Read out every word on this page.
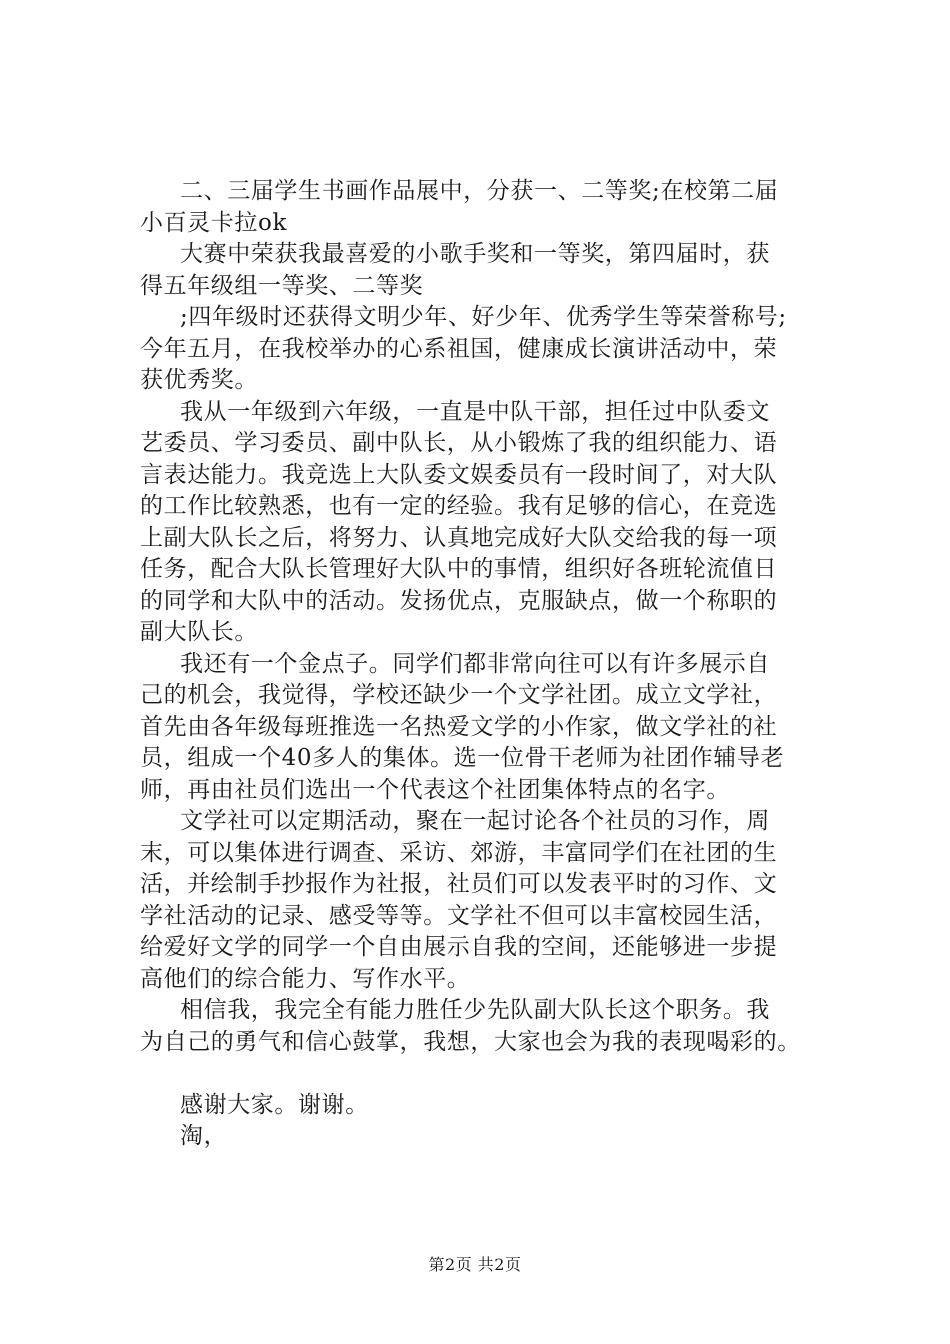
二、三届学生书画作品展中，分获一、二等奖;在校第二届
小百灵卡拉ok
大赛中荣获我最喜爱的小歌手奖和一等奖，第四届时，获
得五年级组一等奖、二等奖
;四年级时还获得文明少年、好少年、优秀学生等荣誉称号;
今年五月，在我校举办的心系祖国，健康成长演讲活动中，荣
获优秀奖。
我从一年级到六年级，一直是中队干部，担任过中队委文
艺委员、学习委员、副中队长，从小锻炼了我的组织能力、语
言表达能力。我竞选上大队委文娱委员有一段时间了，对大队
的工作比较熟悉，也有一定的经验。我有足够的信心，在竞选
上副大队长之后，将努力、认真地完成好大队交给我的每一项
任务，配合大队长管理好大队中的事情，组织好各班轮流值日
的同学和大队中的活动。发扬优点，克服缺点，做一个称职的
副大队长。
我还有一个金点子。同学们都非常向往可以有许多展示自
己的机会，我觉得，学校还缺少一个文学社团。成立文学社，
首先由各年级每班推选一名热爱文学的小作家，做文学社的社
员，组成一个40多人的集体。选一位骨干老师为社团作辅导老
师，再由社员们选出一个代表这个社团集体特点的名字。
文学社可以定期活动，聚在一起讨论各个社员的习作，周
末，可以集体进行调查、采访、郊游，丰富同学们在社团的生
活，并绘制手抄报作为社报，社员们可以发表平时的习作、文
学社活动的记录、感受等等。文学社不但可以丰富校园生活，
给爱好文学的同学一个自由展示自我的空间，还能够进一步提
高他们的综合能力、写作水平。
相信我，我完全有能力胜任少先队副大队长这个职务。我
为自己的勇气和信心鼓掌，我想，大家也会为我的表现喝彩的。
感谢大家。谢谢。
淘，
第2页 共2页
